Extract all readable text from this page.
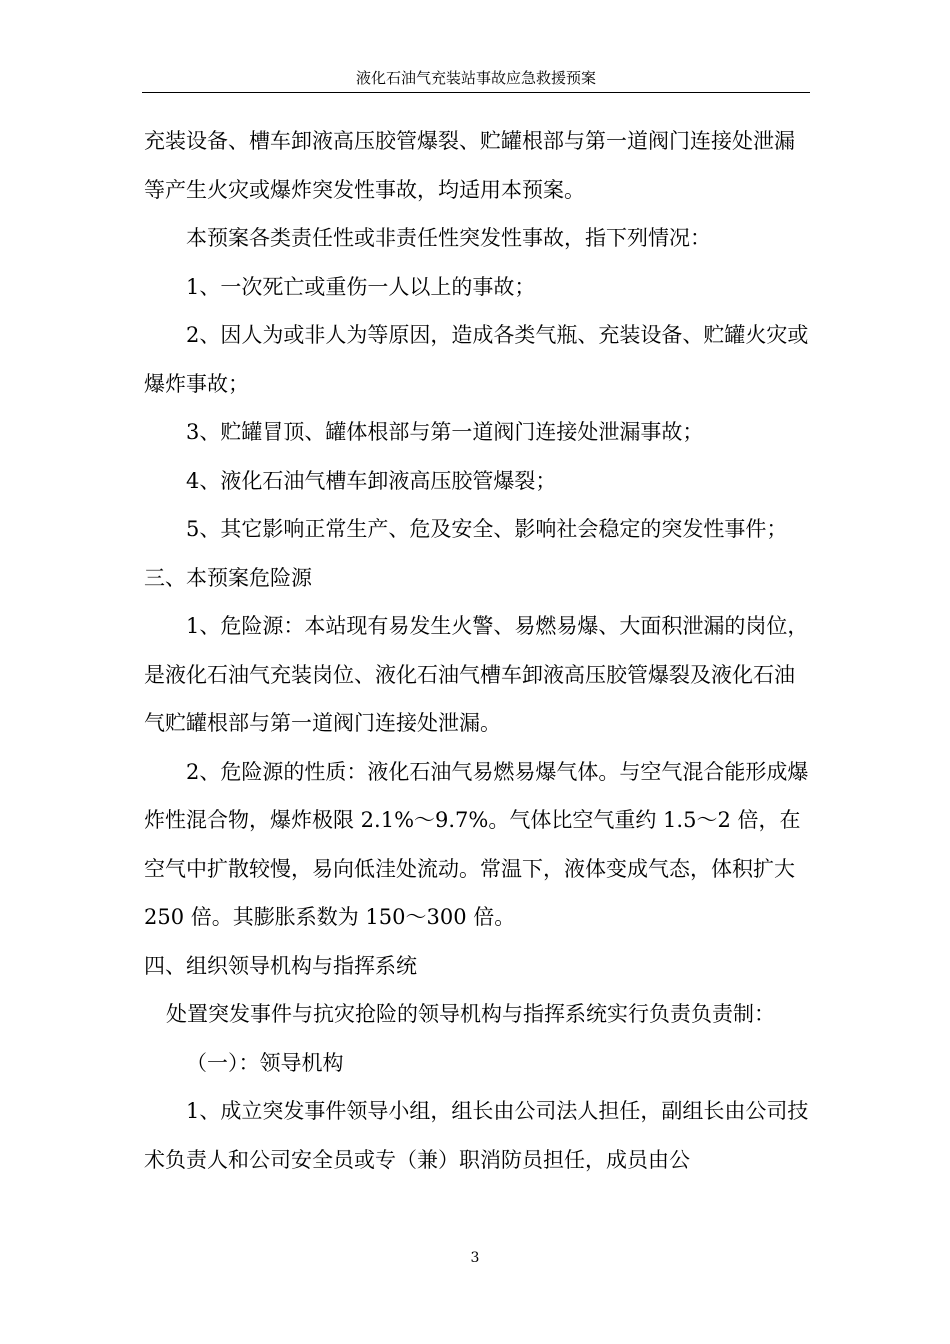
液化石油气充装站事故应急救援预案

充装设备、槽车卸液高压胶管爆裂、贮罐根部与第一道阀门连接处泄漏等产生火灾或爆炸突发性事故，均适用本预案。

本预案各类责任性或非责任性突发性事故，指下列情况：

1、一次死亡或重伤一人以上的事故；

2、因人为或非人为等原因，造成各类气瓶、充装设备、贮罐火灾或爆炸事故；

3、贮罐冒顶、罐体根部与第一道阀门连接处泄漏事故；

4、液化石油气槽车卸液高压胶管爆裂；

5、其它影响正常生产、危及安全、影响社会稳定的突发性事件；

三、本预案危险源

1、危险源：本站现有易发生火警、易燃易爆、大面积泄漏的岗位，是液化石油气充装岗位、液化石油气槽车卸液高压胶管爆裂及液化石油气贮罐根部与第一道阀门连接处泄漏。

2、危险源的性质：液化石油气易燃易爆气体。与空气混合能形成爆炸性混合物，爆炸极限 2.1%～9.7%。气体比空气重约 1.5～2 倍，在空气中扩散较慢，易向低洼处流动。常温下，液体变成气态，体积扩大 250 倍。其膨胀系数为 150～300 倍。

四、组织领导机构与指挥系统

处置突发事件与抗灾抢险的领导机构与指挥系统实行负责负责制：

（一）：领导机构

1、成立突发事件领导小组，组长由公司法人担任，副组长由公司技术负责人和公司安全员或专（兼）职消防员担任，成员由公

3
